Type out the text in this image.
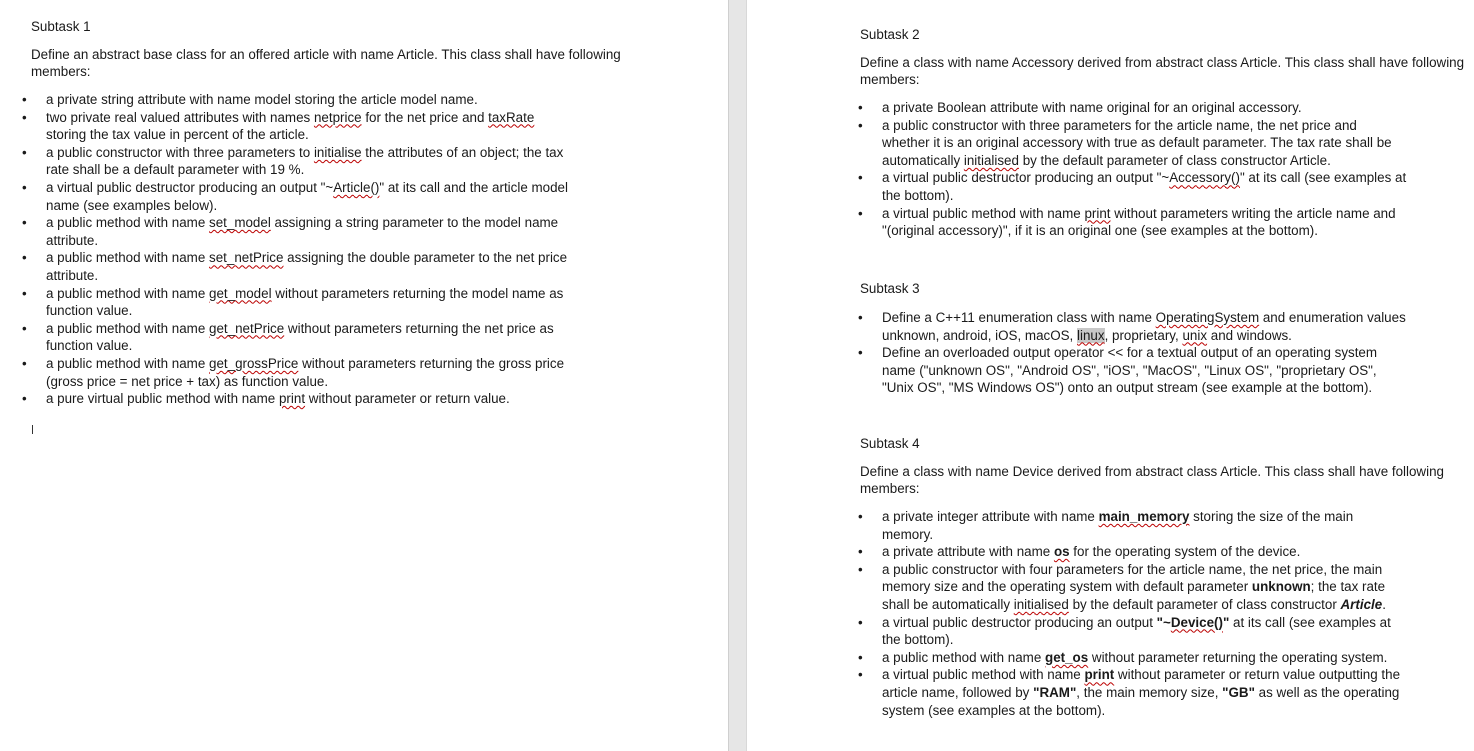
Subtask 1

Define an abstract base class for an offered article with name Article. This class shall have following members:

• a private string attribute with name model storing the article model name.
• two private real valued attributes with names netprice for the net price and taxRate
storing the tax value in percent of the article.
• a public constructor with three parameters to initialise the attributes of an object; the tax
rate shall be a default parameter with 19 %.
• a virtual public destructor producing an output "~Article()" at its call and the article model
name (see examples below).
• a public method with name set_model assigning a string parameter to the model name
attribute.
• a public method with name set_netPrice assigning the double parameter to the net price
attribute.
• a public method with name get_model without parameters returning the model name as
function value.
• a public method with name get_netPrice without parameters returning the net price as
function value.
• a public method with name get_grossPrice without parameters returning the gross price
(gross price = net price + tax) as function value.
• a pure virtual public method with name print without parameter or return value.

Subtask 2

Define a class with name Accessory derived from abstract class Article. This class shall have following members:

• a private Boolean attribute with name original for an original accessory.
• a public constructor with three parameters for the article name, the net price and
whether it is an original accessory with true as default parameter. The tax rate shall be
automatically initialised by the default parameter of class constructor Article.
• a virtual public destructor producing an output "~Accessory()" at its call (see examples at
the bottom).
• a virtual public method with name print without parameters writing the article name and
"(original accessory)", if it is an original one (see examples at the bottom).

Subtask 3

• Define a C++11 enumeration class with name OperatingSystem and enumeration values
unknown, android, iOS, macOS, linux, proprietary, unix and windows.
• Define an overloaded output operator << for a textual output of an operating system
name ("unknown OS", "Android OS", "iOS", "MacOS", "Linux OS", "proprietary OS",
"Unix OS", "MS Windows OS") onto an output stream (see example at the bottom).

Subtask 4

Define a class with name Device derived from abstract class Article. This class shall have following members:

• a private integer attribute with name main_memory storing the size of the main
memory.
• a private attribute with name os for the operating system of the device.
• a public constructor with four parameters for the article name, the net price, the main
memory size and the operating system with default parameter unknown; the tax rate
shall be automatically initialised by the default parameter of class constructor Article.
• a virtual public destructor producing an output "~Device()" at its call (see examples at
the bottom).
• a public method with name get_os without parameter returning the operating system.
• a virtual public method with name print without parameter or return value outputting the
article name, followed by "RAM", the main memory size, "GB" as well as the operating
system (see examples at the bottom).
